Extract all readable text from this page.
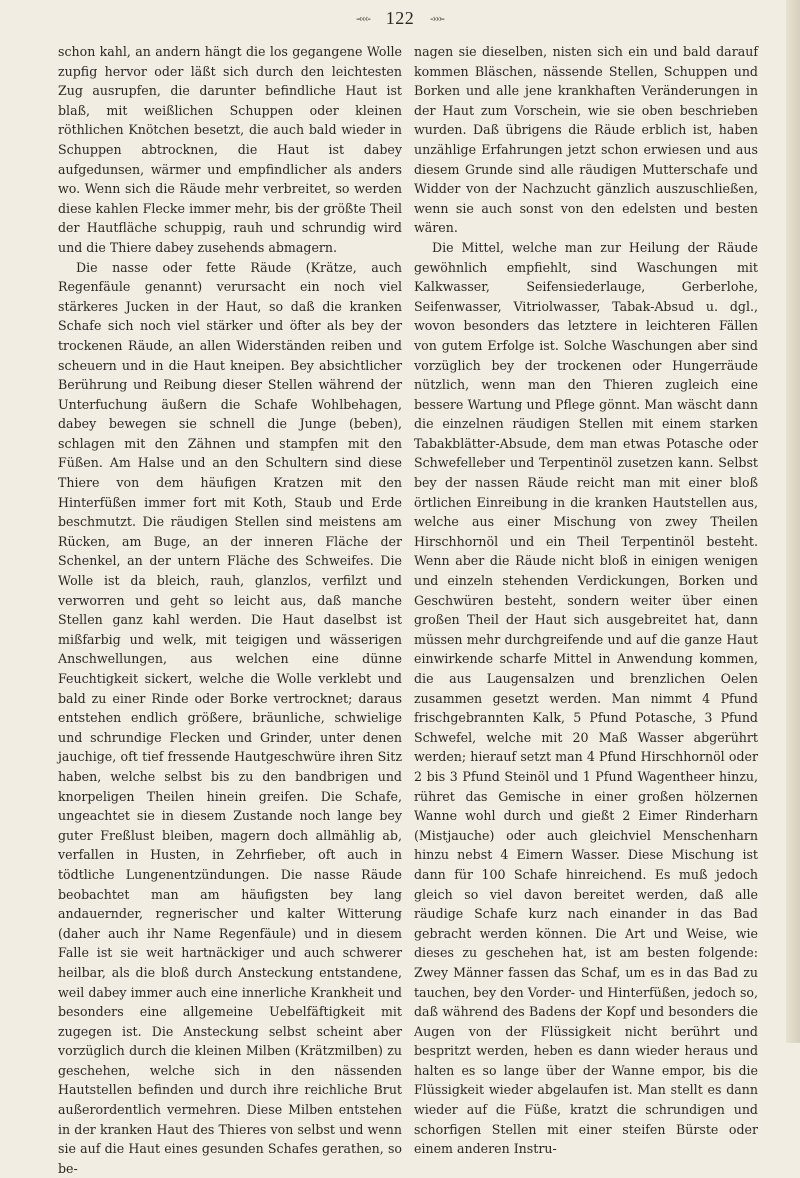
-‹‹‹- 122 -›››-

schon kahl, an andern hängt die los gegangene Wolle zupfig hervor oder läßt sich durch den leichtesten Zug ausrupfen, die darunter befindliche Haut ist blaß, mit weißlichen Schuppen oder kleinen röthlichen Knötchen besetzt, die auch bald wieder in Schuppen abtrocknen, die Haut ist dabey aufgedunsen, wärmer und empfindlicher als anders wo. Wenn sich die Räude mehr verbreitet, so werden diese kahlen Flecke immer mehr, bis der größte Theil der Hautfläche schuppig, rauh und schrundig wird und die Thiere dabey zusehends abmagern.

Die nasse oder fette Räude (Krätze, auch Regenfäule genannt) verursacht ein noch viel stärkeres Jucken in der Haut, so daß die kranken Schafe sich noch viel stärker und öfter als bey der trockenen Räude, an allen Widerständen reiben und scheuern und in die Haut kneipen. Bey absichtlicher Berührung und Reibung dieser Stellen während der Unterfuchung äußern die Schafe Wohlbehagen, dabey bewegen sie schnell die Junge (beben), schlagen mit den Zähnen und stampfen mit den Füßen. Am Halse und an den Schultern sind diese Thiere von dem häufigen Kratzen mit den Hinterfüßen immer fort mit Koth, Staub und Erde beschmutzt. Die räudigen Stellen sind meistens am Rücken, am Buge, an der inneren Fläche der Schenkel, an der untern Fläche des Schweifes. Die Wolle ist da bleich, rauh, glanzlos, verfilzt und verworren und geht so leicht aus, daß manche Stellen ganz kahl werden. Die Haut daselbst ist mißfarbig und welk, mit teigigen und wässerigen Anschwellungen, aus welchen eine dünne Feuchtigkeit sickert, welche die Wolle verklebt und bald zu einer Rinde oder Borke vertrocknet; daraus entstehen endlich größere, bräunliche, schwielige und schrundige Flecken und Grinder, unter denen jauchige, oft tief fressende Hautgeschwüre ihren Sitz haben, welche selbst bis zu den bandbrigen und knorpeligen Theilen hinein greifen. Die Schafe, ungeachtet sie in diesem Zustande noch lange bey guter Freßlust bleiben, magern doch allmählig ab, verfallen in Husten, in Zehrfieber, oft auch in tödtliche Lungenentzündungen. Die nasse Räude beobachtet man am häufigsten bey lang andauernder, regnerischer und kalter Witterung (daher auch ihr Name Regenfäule) und in diesem Falle ist sie weit hartnäckiger und auch schwerer heilbar, als die bloß durch Ansteckung entstandene, weil dabey immer auch eine innerliche Krankheit und besonders eine allgemeine Uebelfäftigkeit mit zugegen ist. Die Ansteckung selbst scheint aber vorzüglich durch die kleinen Milben (Krätzmilben) zu geschehen, welche sich in den nässenden Hautstellen befinden und durch ihre reichliche Brut außerordentlich vermehren. Diese Milben entstehen in der kranken Haut des Thieres von selbst und wenn sie auf die Haut eines gesunden Schafes gerathen, so be-

nagen sie dieselben, nisten sich ein und bald darauf kommen Bläschen, nässende Stellen, Schuppen und Borken und alle jene krankhaften Veränderungen in der Haut zum Vorschein, wie sie oben beschrieben wurden. Daß übrigens die Räude erblich ist, haben unzählige Erfahrungen jetzt schon erwiesen und aus diesem Grunde sind alle räudigen Mutterschafe und Widder von der Nachzucht gänzlich auszuschließen, wenn sie auch sonst von den edelsten und besten wären.

Die Mittel, welche man zur Heilung der Räude gewöhnlich empfiehlt, sind Waschungen mit Kalkwasser, Seifensiederlauge, Gerberlohe, Seifenwasser, Vitriolwasser, Tabak-Absud u. dgl., wovon besonders das letztere in leichteren Fällen von gutem Erfolge ist. Solche Waschungen aber sind vorzüglich bey der trockenen oder Hungerräude nützlich, wenn man den Thieren zugleich eine bessere Wartung und Pflege gönnt. Man wäscht dann die einzelnen räudigen Stellen mit einem starken Tabakblätter-Absude, dem man etwas Potasche oder Schwefelleber und Terpentinöl zusetzen kann. Selbst bey der nassen Räude reicht man mit einer bloß örtlichen Einreibung in die kranken Hautstellen aus, welche aus einer Mischung von zwey Theilen Hirschhornöl und ein Theil Terpentinöl besteht. Wenn aber die Räude nicht bloß in einigen wenigen und einzeln stehenden Verdickungen, Borken und Geschwüren besteht, sondern weiter über einen großen Theil der Haut sich ausgebreitet hat, dann müssen mehr durchgreifende und auf die ganze Haut einwirkende scharfe Mittel in Anwendung kommen, die aus Laugensalzen und brenzlichen Oelen zusammen gesetzt werden. Man nimmt 4 Pfund frischgebrannten Kalk, 5 Pfund Potasche, 3 Pfund Schwefel, welche mit 20 Maß Wasser abgerührt werden; hierauf setzt man 4 Pfund Hirschhornöl oder 2 bis 3 Pfund Steinöl und 1 Pfund Wagentheer hinzu, rühret das Gemische in einer großen hölzernen Wanne wohl durch und gießt 2 Eimer Rinderharn (Mistjauche) oder auch gleichviel Menschenharn hinzu nebst 4 Eimern Wasser. Diese Mischung ist dann für 100 Schafe hinreichend. Es muß jedoch gleich so viel davon bereitet werden, daß alle räudige Schafe kurz nach einander in das Bad gebracht werden können. Die Art und Weise, wie dieses zu geschehen hat, ist am besten folgende: Zwey Männer fassen das Schaf, um es in das Bad zu tauchen, bey den Vorder- und Hinterfüßen, jedoch so, daß während des Badens der Kopf und besonders die Augen von der Flüssigkeit nicht berührt und bespritzt werden, heben es dann wieder heraus und halten es so lange über der Wanne empor, bis die Flüssigkeit wieder abgelaufen ist. Man stellt es dann wieder auf die Füße, kratzt die schrundigen und schorfigen Stellen mit einer steifen Bürste oder einem anderen Instru-
